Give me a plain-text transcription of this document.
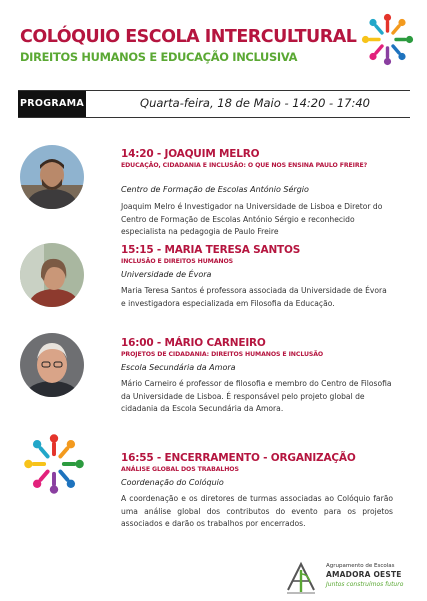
COLÓQUIO ESCOLA INTERCULTURAL
DIREITOS HUMANOS E EDUCAÇÃO INCLUSIVA
PROGRAMA	Quarta-feira, 18 de Maio - 14:20 - 17:40
14:20 - JOAQUIM MELRO
EDUCAÇÃO, CIDADANIA E INCLUSÃO: O QUE NOS ENSINA PAULO FREIRE?
Centro de Formação de Escolas António Sérgio
Joaquim Melro é Investigador na Universidade de Lisboa e Diretor do Centro de Formação de Escolas António Sérgio e reconhecido especialista na pedagogia de Paulo Freire
15:15 - MARIA TERESA SANTOS
INCLUSÃO E DIREITOS HUMANOS
Universidade de Évora
Maria Teresa Santos é professora associada da Universidade de Évora e investigadora especializada em Filosofia da Educação.
16:00 - MÁRIO CARNEIRO
PROJETOS DE CIDADANIA: DIREITOS HUMANOS E INCLUSÃO
Escola Secundária da Amora
Mário Carneiro é professor de filosofia e membro do Centro de Filosofia da Universidade de Lisboa. É responsável pelo projeto global de cidadania da Escola Secundária da Amora.
16:55 - ENCERRAMENTO - ORGANIZAÇÃO
ANÁLISE GLOBAL DOS TRABALHOS
Coordenação do Colóquio
A coordenação e os diretores de turmas associadas ao Colóquio farão uma análise global dos contributos do evento para os projetos associados e darão os trabalhos por encerrados.
Agrupamento de Escolas
AMADORA OESTE
Juntos construímos futuro
